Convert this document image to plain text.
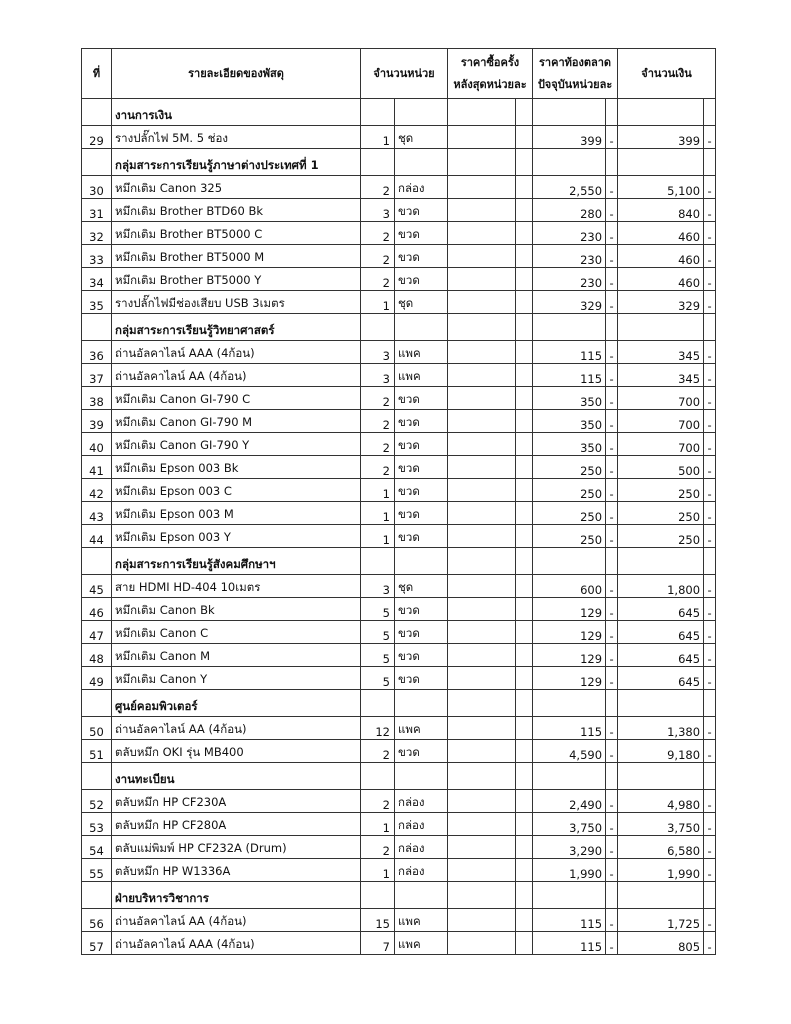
ที่	รายละเอียดของพัสดุ	จำนวนหน่วย		ราคาซื้อครั้ง
หลังสุดหน่วยละ		ราคาท้องตลาด
ปัจจุบันหน่วยละ		จำนวนเงิน	
	งานการเงิน								
29	รางปลั๊กไฟ 5M. 5 ช่อง	1	ชุด			399	-	399	-
	กลุ่มสาระการเรียนรู้ภาษาต่างประเทศที่ 1								
30	หมึกเติม Canon 325	2	กล่อง			2,550	-	5,100	-
31	หมึกเติม Brother BTD60 Bk	3	ขวด			280	-	840	-
32	หมึกเติม Brother BT5000 C	2	ขวด			230	-	460	-
33	หมึกเติม Brother BT5000 M	2	ขวด			230	-	460	-
34	หมึกเติม Brother BT5000 Y	2	ขวด			230	-	460	-
35	รางปลั๊กไฟมีช่องเสียบ USB 3เมตร	1	ชุด			329	-	329	-
	กลุ่มสาระการเรียนรู้วิทยาศาสตร์								
36	ถ่านอัลคาไลน์ AAA (4ก้อน)	3	แพค			115	-	345	-
37	ถ่านอัลคาไลน์ AA (4ก้อน)	3	แพค			115	-	345	-
38	หมึกเติม Canon GI-790 C	2	ขวด			350	-	700	-
39	หมึกเติม Canon GI-790 M	2	ขวด			350	-	700	-
40	หมึกเติม Canon GI-790 Y	2	ขวด			350	-	700	-
41	หมึกเติม Epson 003 Bk	2	ขวด			250	-	500	-
42	หมึกเติม Epson 003 C	1	ขวด			250	-	250	-
43	หมึกเติม Epson 003 M	1	ขวด			250	-	250	-
44	หมึกเติม Epson 003 Y	1	ขวด			250	-	250	-
	กลุ่มสาระการเรียนรู้สังคมศึกษาฯ								
45	สาย HDMI HD-404 10เมตร	3	ชุด			600	-	1,800	-
46	หมึกเติม Canon Bk	5	ขวด			129	-	645	-
47	หมึกเติม Canon C	5	ขวด			129	-	645	-
48	หมึกเติม Canon M	5	ขวด			129	-	645	-
49	หมึกเติม Canon Y	5	ขวด			129	-	645	-
	ศูนย์คอมพิวเตอร์								
50	ถ่านอัลคาไลน์ AA (4ก้อน)	12	แพค			115	-	1,380	-
51	ตลับหมึก OKI รุ่น MB400	2	ขวด			4,590	-	9,180	-
	งานทะเบียน								
52	ตลับหมึก HP CF230A	2	กล่อง			2,490	-	4,980	-
53	ตลับหมึก HP CF280A	1	กล่อง			3,750	-	3,750	-
54	ตลับแม่พิมพ์ HP CF232A (Drum)	2	กล่อง			3,290	-	6,580	-
55	ตลับหมึก HP W1336A	1	กล่อง			1,990	-	1,990	-
	ฝ่ายบริหารวิชาการ								
56	ถ่านอัลคาไลน์ AA (4ก้อน)	15	แพค			115	-	1,725	-
57	ถ่านอัลคาไลน์ AAA (4ก้อน)	7	แพค			115	-	805	-
